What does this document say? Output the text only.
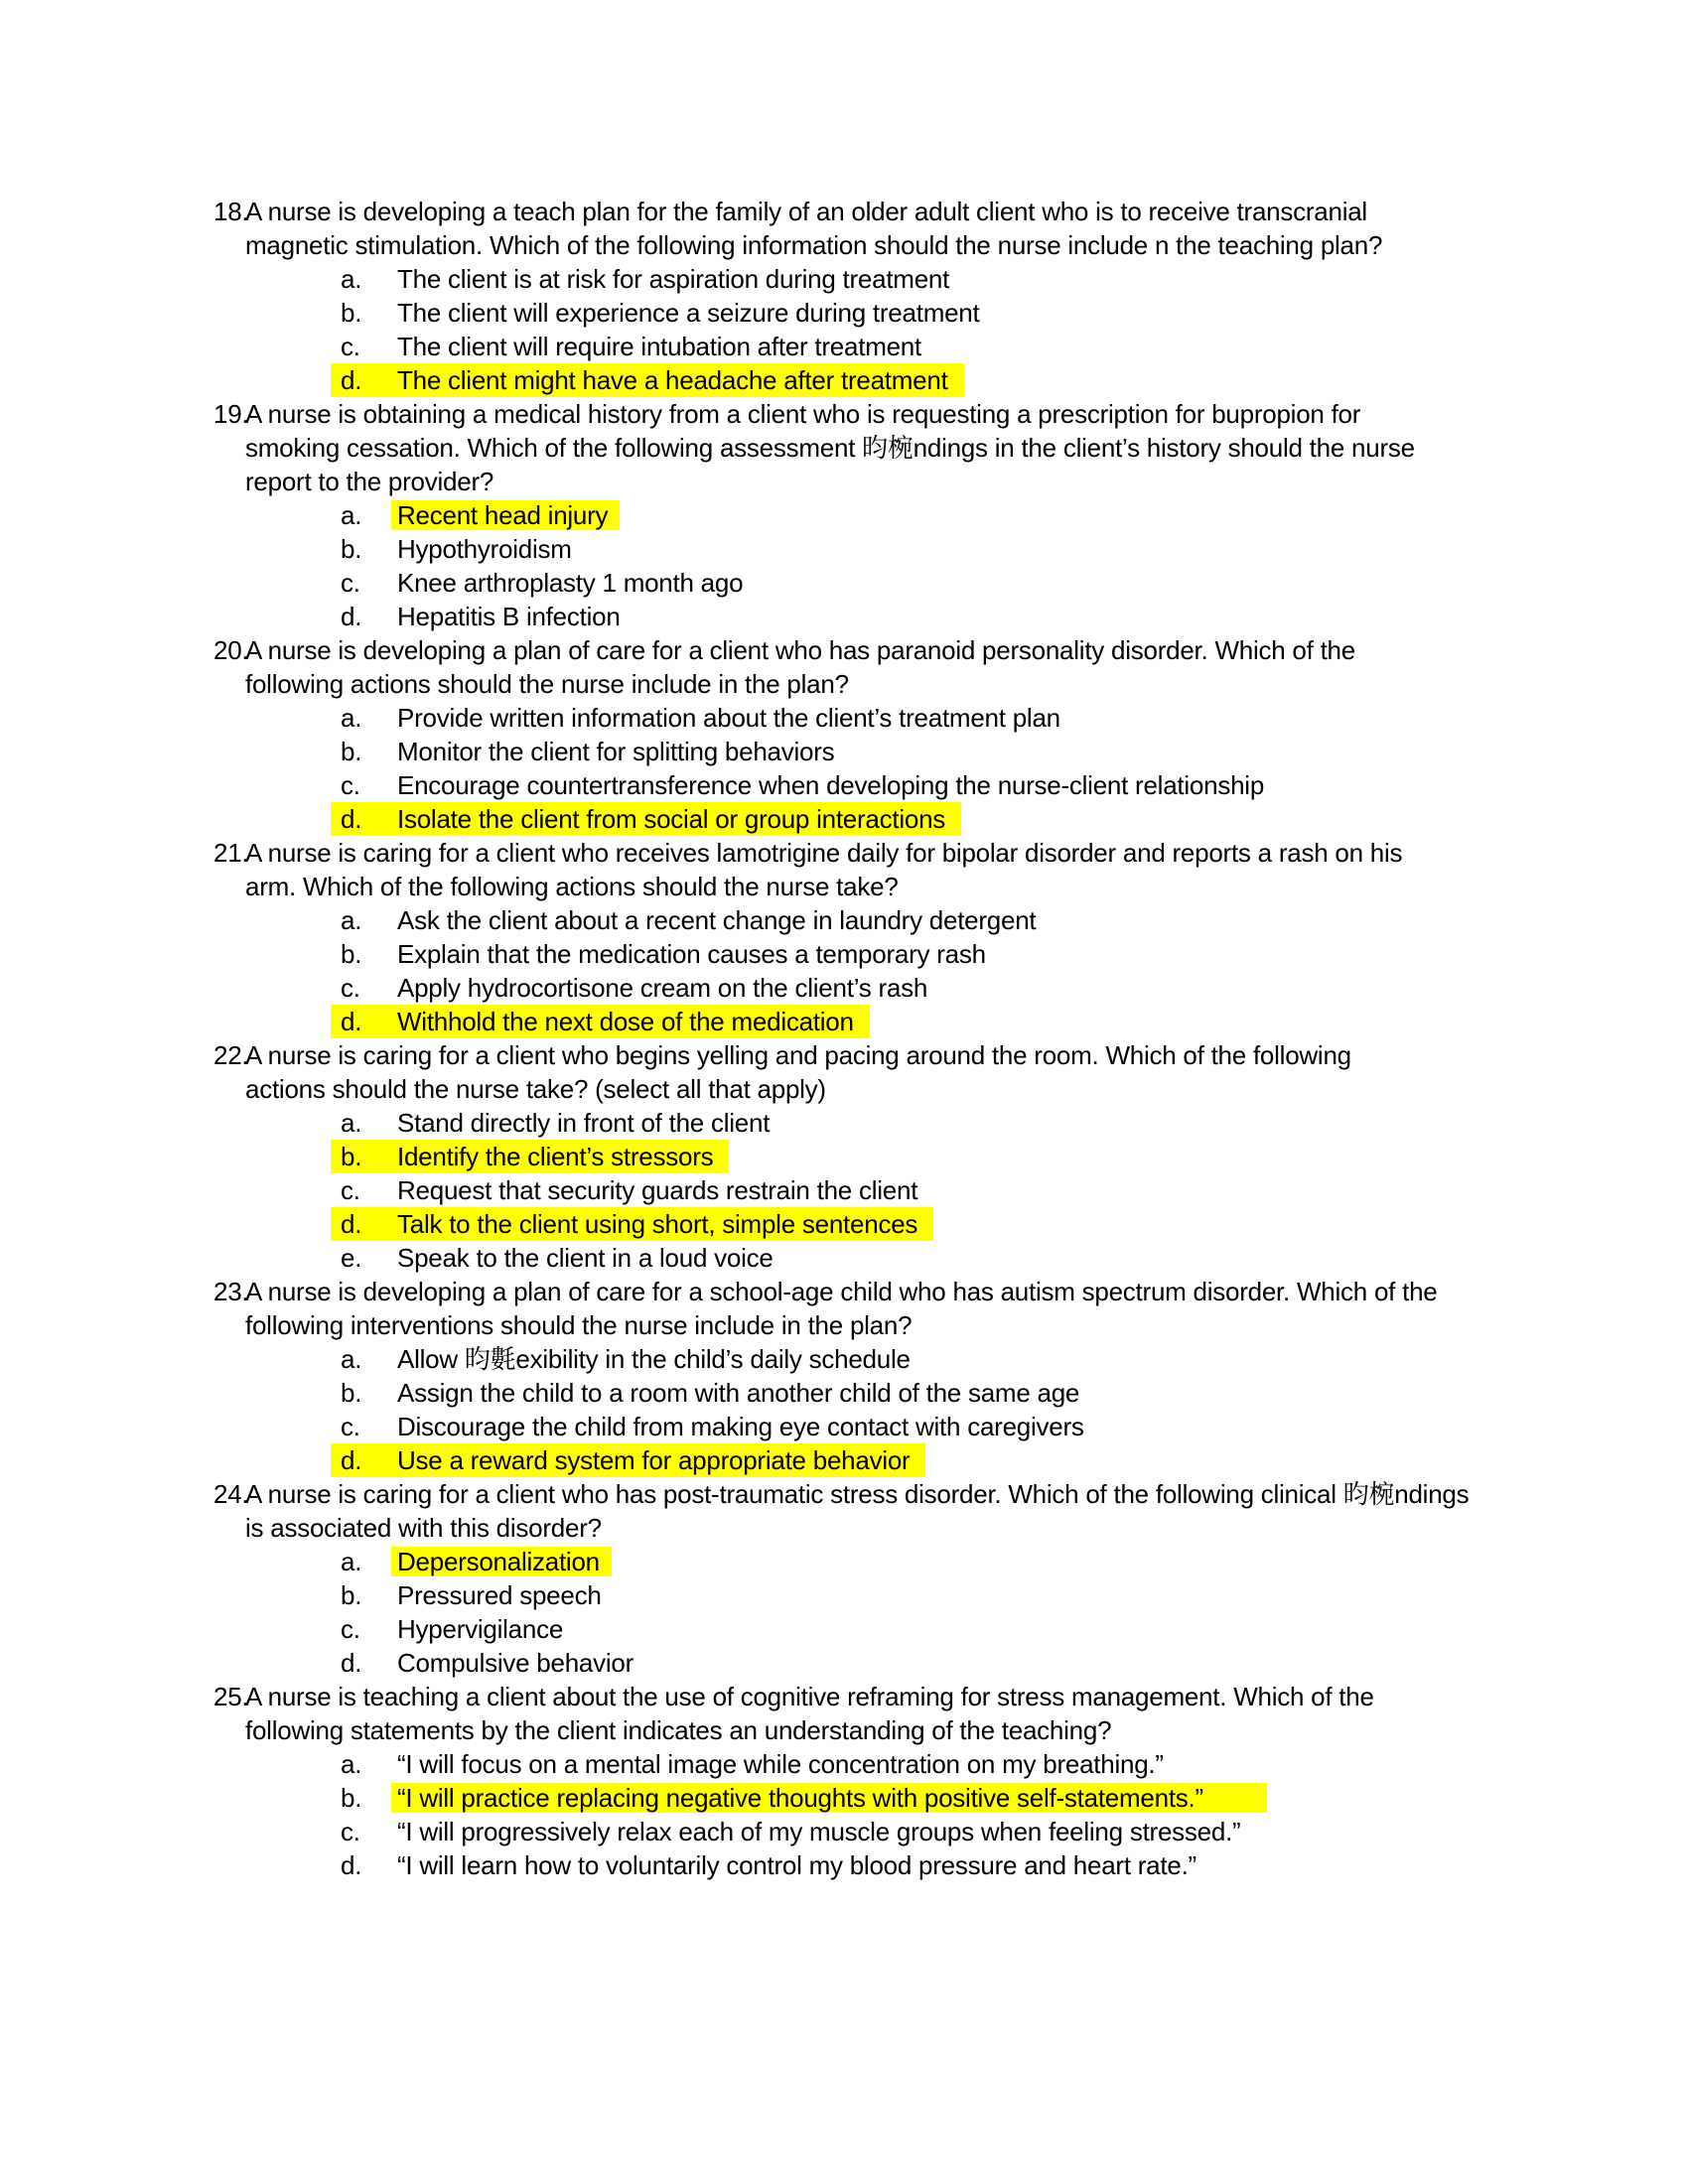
18.
A nurse is developing a teach plan for the family of an older adult client who is to receive transcranial
magnetic stimulation. Which of the following information should the nurse include n the teaching plan?
a. The client is at risk for aspiration during treatment
b. The client will experience a seizure during treatment
c. The client will require intubation after treatment
d. The client might have a headache after treatment
19.
A nurse is obtaining a medical history from a client who is requesting a prescription for bupropion for
smoking cessation. Which of the following assessment 昀椀ndings in the client’s history should the nurse
report to the provider?
a. Recent head injury
b. Hypothyroidism
c. Knee arthroplasty 1 month ago
d. Hepatitis B infection
20.
A nurse is developing a plan of care for a client who has paranoid personality disorder. Which of the
following actions should the nurse include in the plan?
a. Provide written information about the client’s treatment plan
b. Monitor the client for splitting behaviors
c. Encourage countertransference when developing the nurse-client relationship
d. Isolate the client from social or group interactions
21.
A nurse is caring for a client who receives lamotrigine daily for bipolar disorder and reports a rash on his
arm. Which of the following actions should the nurse take?
a. Ask the client about a recent change in laundry detergent
b. Explain that the medication causes a temporary rash
c. Apply hydrocortisone cream on the client’s rash
d. Withhold the next dose of the medication
22.
A nurse is caring for a client who begins yelling and pacing around the room. Which of the following
actions should the nurse take? (select all that apply)
a. Stand directly in front of the client
b. Identify the client’s stressors
c. Request that security guards restrain the client
d. Talk to the client using short, simple sentences
e. Speak to the client in a loud voice
23.
A nurse is developing a plan of care for a school-age child who has autism spectrum disorder. Which of the
following interventions should the nurse include in the plan?
a. Allow 昀氀exibility in the child’s daily schedule
b. Assign the child to a room with another child of the same age
c. Discourage the child from making eye contact with caregivers
d. Use a reward system for appropriate behavior
24.
A nurse is caring for a client who has post-traumatic stress disorder. Which of the following clinical 昀椀ndings
is associated with this disorder?
a. Depersonalization
b. Pressured speech
c. Hypervigilance
d. Compulsive behavior
25.
A nurse is teaching a client about the use of cognitive reframing for stress management. Which of the
following statements by the client indicates an understanding of the teaching?
a. “I will focus on a mental image while concentration on my breathing.”
b. “I will practice replacing negative thoughts with positive self-statements.”
c. “I will progressively relax each of my muscle groups when feeling stressed.”
d. “I will learn how to voluntarily control my blood pressure and heart rate.”
